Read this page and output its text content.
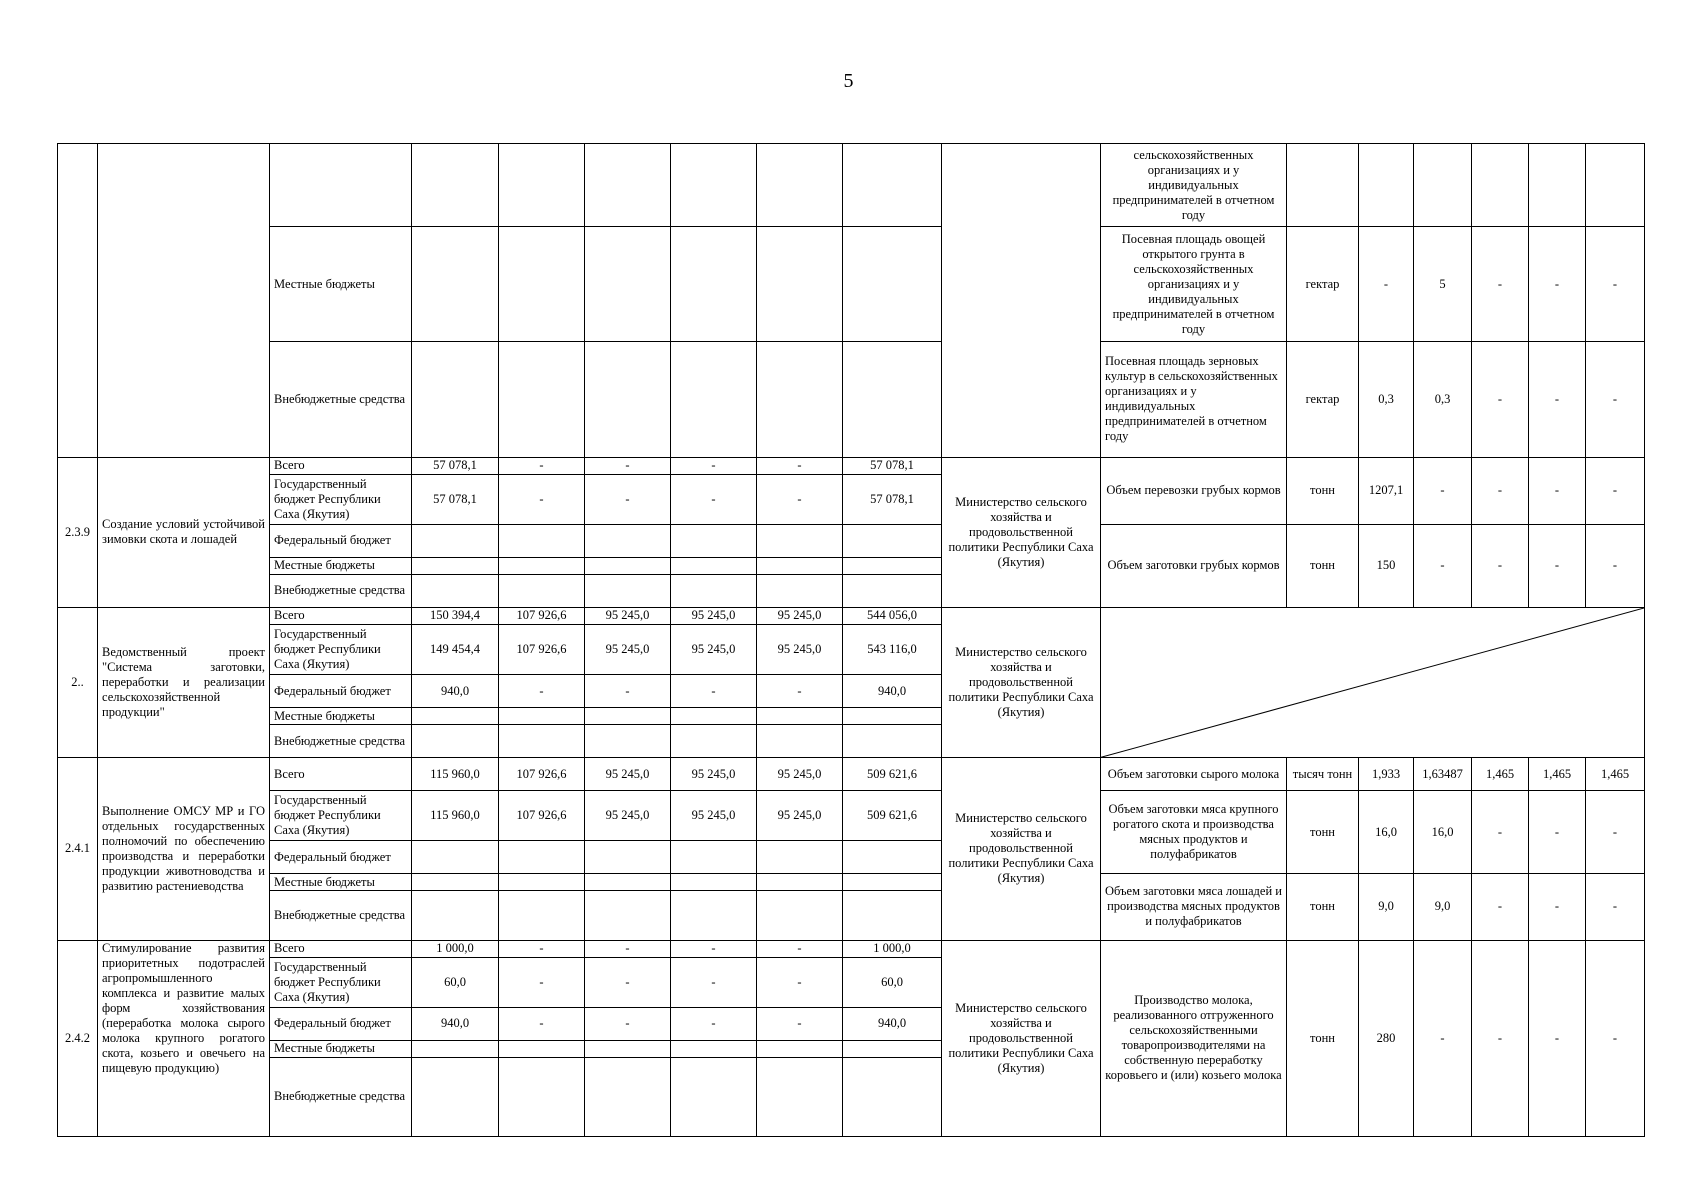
5
										сельскохозяйственных организациях и у индивидуальных предпринимателей в отчетном году						
		Местные бюджеты								Посевная площадь овощей открытого грунта в сельскохозяйственных организациях и у индивидуальных предпринимателей в отчетном году	гектар	-	5	-	-	-
		Внебюджетные средства								Посевная площадь зерновых культур в сельскохозяйственных организациях и у индивидуальных предпринимателей в отчетном году	гектар	0,3	0,3	-	-	-
2.3.9	Создание условий устойчивой зимовки скота и лошадей	Всего	57 078,1	-	-	-	-	57 078,1	Министерство сельского хозяйства и продовольственной политики Республики Саха (Якутия)	Объем перевозки грубых кормов	тонн	1207,1	-	-	-	-
		Государственный бюджет Республики Саха (Якутия)	57 078,1	-	-	-	-	57 078,1								
		Федеральный бюджет								Объем заготовки грубых кормов	тонн	150	-	-	-	-
		Местные бюджеты														
		Внебюджетные средства														
2..	Ведомственный проект "Система заготовки, переработки и реализации сельскохозяйственной продукции"	Всего	150 394,4	107 926,6	95 245,0	95 245,0	95 245,0	544 056,0	Министерство сельского хозяйства и продовольственной политики Республики Саха (Якутия)	

		Государственный бюджет Республики Саха (Якутия)	149 454,4	107 926,6	95 245,0	95 245,0	95 245,0	543 116,0								
		Федеральный бюджет	940,0	-	-	-	-	940,0								
		Местные бюджеты														
		Внебюджетные средства														
2.4.1	Выполнение ОМСУ МР и ГО отдельных государственных полномочий по обеспечению производства и переработки продукции животноводства и развитию растениеводства	Всего	115 960,0	107 926,6	95 245,0	95 245,0	95 245,0	509 621,6	Министерство сельского хозяйства и продовольственной политики Республики Саха (Якутия)	Объем заготовки сырого молока	тысяч тонн	1,933	1,63487	1,465	1,465	1,465
		Государственный бюджет Республики Саха (Якутия)	115 960,0	107 926,6	95 245,0	95 245,0	95 245,0	509 621,6		Объем заготовки мяса крупного рогатого скота и производства мясных продуктов и полуфабрикатов	тонн	16,0	16,0	-	-	-
		Федеральный бюджет														

		Местные бюджеты								Объем заготовки мяса лошадей и производства мясных продуктов и полуфабрикатов	тонн	9,0	9,0	-	-	-
		Внебюджетные средства														

2.4.2	Стимулирование развития приоритетных подотраслей агропромышленного комплекса и развитие малых форм хозяйствования (переработка молока сырого молока крупного рогатого скота, козьего и овечьего на пищевую продукцию)	Всего	1 000,0	-	-	-	-	1 000,0	Министерство сельского хозяйства и продовольственной политики Республики Саха (Якутия)	Производство молока, реализованного отгруженного сельскохозяйственными товаропроизводителями на собственную переработку коровьего и (или) козьего молока	тонн	280	-	-	-	-
		Государственный бюджет Республики Саха (Якутия)	60,0	-	-	-	-	60,0								
		Федеральный бюджет	940,0	-	-	-	-	940,0								
		Местные бюджеты														
		Внебюджетные средства														
